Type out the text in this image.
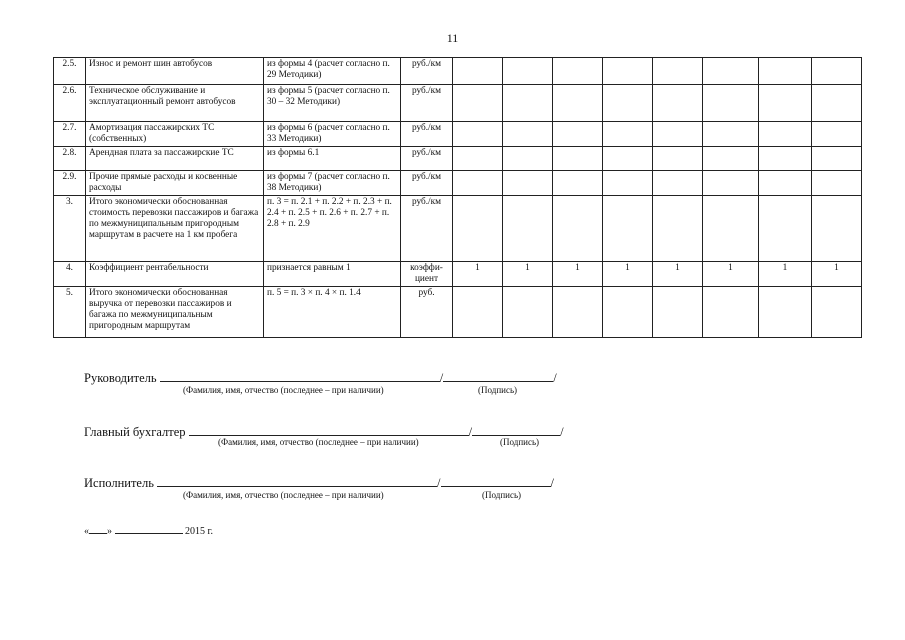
11
2.5.	Износ и ремонт шин автобусов	из формы 4 (расчет согласно п. 29 Методики)	руб./км								
2.6.	Техническое обслуживание и эксплуатационный ремонт автобусов	из формы 5 (расчет согласно п. 30 – 32 Методики)	руб./км								
2.7.	Амортизация пассажирских ТС (собственных)	из формы 6 (расчет согласно п. 33 Методики)	руб./км								
2.8.	Арендная плата за пассажирские ТС	из формы 6.1	руб./км								
2.9.	Прочие прямые расходы и косвенные расходы	из формы 7 (расчет согласно п. 38 Методики)	руб./км								
3.	Итого экономически обоснованная стоимость перевозки пассажиров и багажа по межмуниципальным пригородным маршрутам в расчете на 1 км пробега	п. 3 = п. 2.1 + п. 2.2 + п. 2.3 + п. 2.4 + п. 2.5 + п. 2.6 + п. 2.7 + п. 2.8 + п. 2.9	руб./км								
4.	Коэффициент рентабельности	признается равным 1	коэффи-циент	1	1	1	1	1	1	1	1
5.	Итого экономически обоснованная выручка от перевозки пассажиров и багажа по межмуниципальным пригородным маршрутам	п. 5 = п. 3 × п. 4 × п. 1.4	руб.								
Руководитель	/	/
(Фамилия, имя, отчество (последнее – при наличии)	(Подпись)
Главный бухгалтер	/	/
(Фамилия, имя, отчество (последнее – при наличии)	(Подпись)
Исполнитель	/	/
(Фамилия, имя, отчество (последнее – при наличии)	(Подпись)
« »	2015 г.
